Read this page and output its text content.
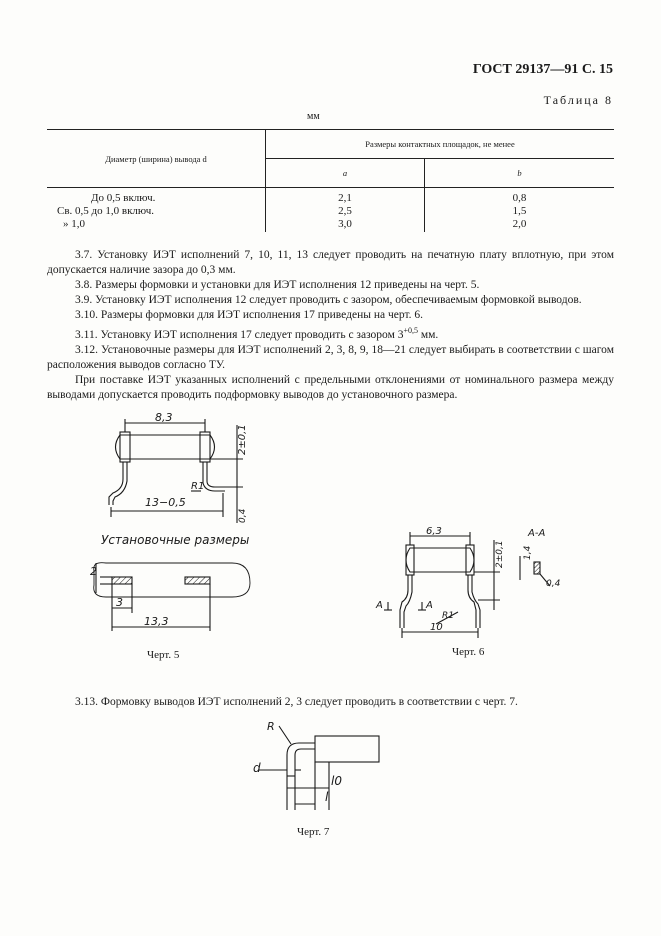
ГОСТ 29137—91 С. 15
Таблица 8
мм
Диаметр (ширина) вывода d	Размеры контактных площадок, не менее	
	a	b
До 0,5 включ.	2,1	0,8
Св. 0,5 до 1,0 включ.	2,5	1,5
» 1,0	3,0	2,0

3.7. Установку ИЭТ исполнений 7, 10, 11, 13 следует проводить на печатную плату вплотную, при этом допускается наличие зазора до 0,3 мм.

3.8. Размеры формовки и установки для ИЭТ исполнения 12 приведены на черт. 5.

3.9. Установку ИЭТ исполнения 12 следует проводить с зазором, обеспечиваемым формовкой выводов.

3.10. Размеры формовки для ИЭТ исполнения 17 приведены на черт. 6.

3.11. Установку ИЭТ исполнения 17 следует проводить с зазором $3^{+0,5}$ мм.

3.12. Установочные размеры для ИЭТ исполнений 2, 3, 8, 9, 18—21 следует выбирать в соответствии с шагом расположения выводов согласно ТУ.

При поставке ИЭТ указанных исполнений с предельными отклонениями от номинального размера между выводами допускается проводить подформовку выводов до установочного размера.

8,3
2±0,1
R1
13−0,5
0,4
Установочные размеры
2
3
13,3
Черт. 5
6,3
2±0,1 1,4
А-А
А	А
R1
10
0,4
Черт. 6

3.13. Формовку выводов ИЭТ исполнений 2, 3 следует проводить в соответствии с черт. 7.

R
d
l0
l
Черт. 7
